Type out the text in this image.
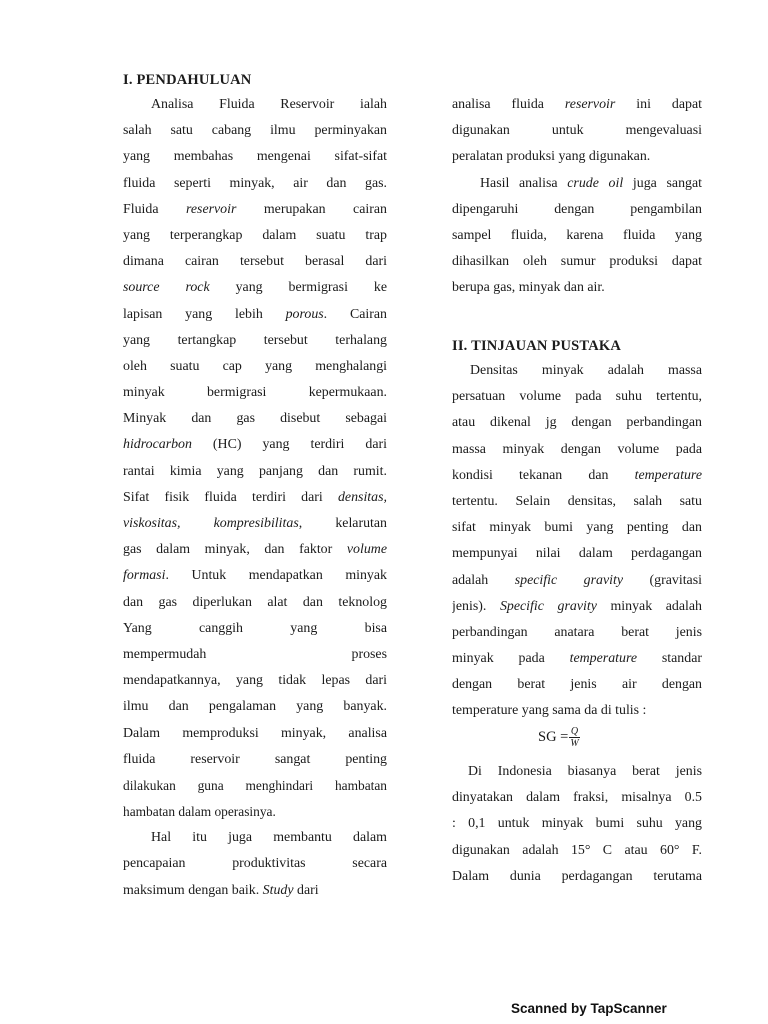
I. PENDAHULUAN
Analisa Fluida Reservoir ialah
salah satu cabang ilmu perminyakan
yang membahas mengenai sifat-sifat
fluida seperti minyak, air dan gas.
Fluida reservoir merupakan cairan
yang terperangkap dalam suatu trap
dimana cairan tersebut berasal dari
source rock yang bermigrasi ke
lapisan yang lebih porous. Cairan
yang tertangkap tersebut terhalang
oleh suatu cap yang menghalangi
minyak bermigrasi kepermukaan.
Minyak dan gas disebut sebagai
hidrocarbon (HC) yang terdiri dari
rantai kimia yang panjang dan rumit.
Sifat fisik fluida terdiri dari densitas,
viskositas, kompresibilitas, kelarutan
gas dalam minyak, dan faktor volume
formasi. Untuk mendapatkan minyak
dan gas diperlukan alat dan teknolog
Yang canggih yang bisa
mempermudah proses
mendapatkannya, yang tidak lepas dari
ilmu dan pengalaman yang banyak.
Dalam memproduksi minyak, analisa
fluida reservoir sangat penting
dilakukan guna menghindari hambatan
hambatan dalam operasinya.
Hal itu juga membantu dalam
pencapaian produktivitas secara
maksimum dengan baik. Study dari
analisa fluida reservoir ini dapat
digunakan untuk mengevaluasi
peralatan produksi yang digunakan.
Hasil analisa crude oil juga sangat
dipengaruhi dengan pengambilan
sampel fluida, karena fluida yang
dihasilkan oleh sumur produksi dapat
berupa gas, minyak dan air.
II. TINJAUAN PUSTAKA
Densitas minyak adalah massa
persatuan volume pada suhu tertentu,
atau dikenal jg dengan perbandingan
massa minyak dengan volume pada
kondisi tekanan dan temperature
tertentu. Selain densitas, salah satu
sifat minyak bumi yang penting dan
mempunyai nilai dalam perdagangan
adalah specific gravity (gravitasi
jenis). Specific gravity minyak adalah
perbandingan anatara berat jenis
minyak pada temperature standar
dengan berat jenis air dengan
temperature yang sama da di tulis :
SG = $\frac{Q}{W}$
Di Indonesia biasanya berat jenis
dinyatakan dalam fraksi, misalnya 0.5
: 0,1 untuk minyak bumi suhu yang
digunakan adalah 15° C atau 60° F.
Dalam dunia perdagangan terutama
Scanned by TapScanner
